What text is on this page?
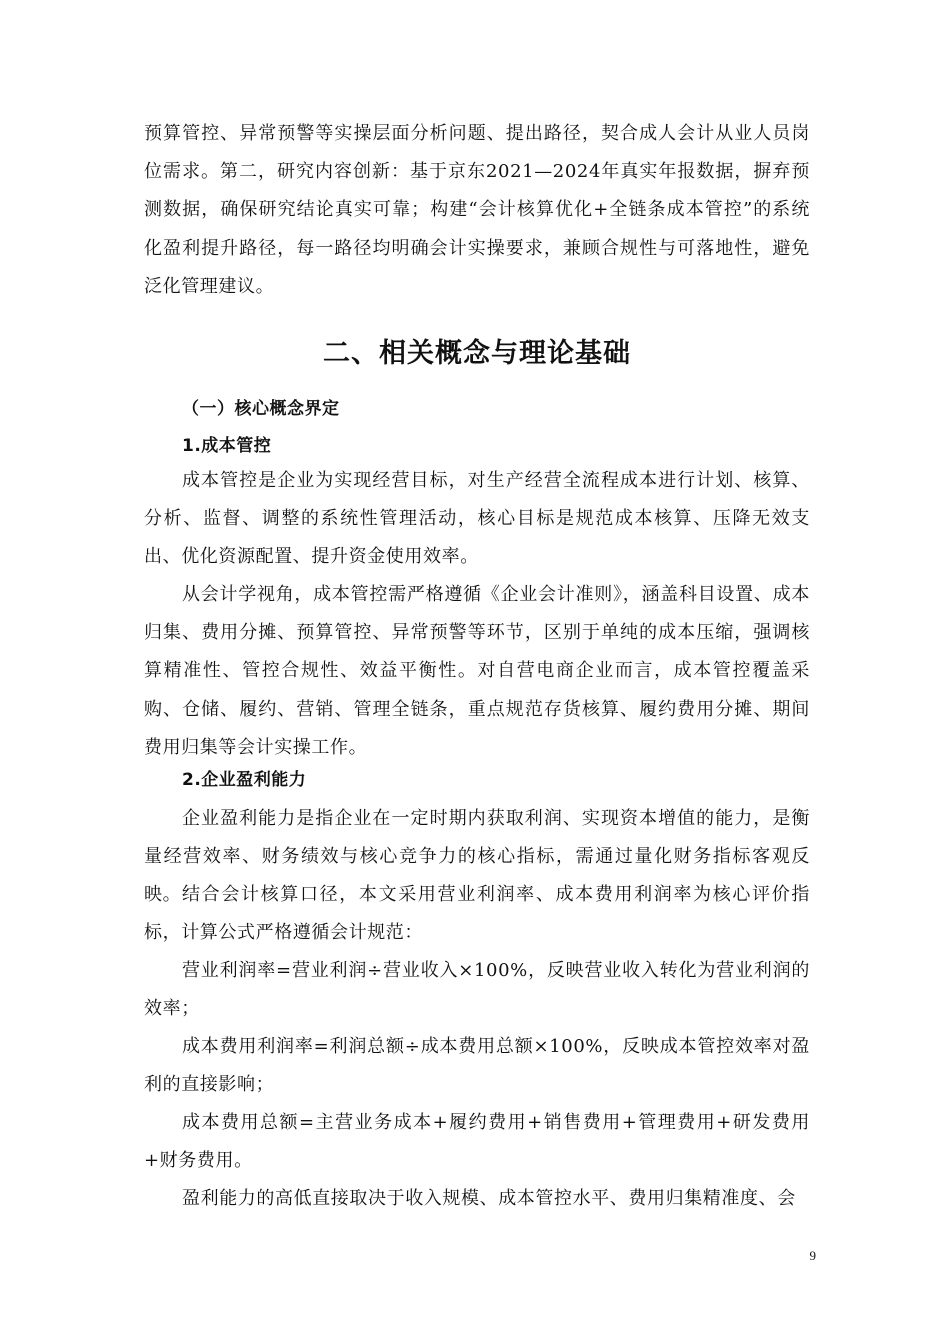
预算管控、异常预警等实操层面分析问题、提出路径，契合成人会计从业人员岗位需求。第二，研究内容创新：基于京东2021—2024年真实年报数据，摒弃预测数据，确保研究结论真实可靠；构建“会计核算优化+全链条成本管控”的系统化盈利提升路径，每一路径均明确会计实操要求，兼顾合规性与可落地性，避免泛化管理建议。

二、相关概念与理论基础
（一）核心概念界定
1.成本管控

成本管控是企业为实现经营目标，对生产经营全流程成本进行计划、核算、分析、监督、调整的系统性管理活动，核心目标是规范成本核算、压降无效支出、优化资源配置、提升资金使用效率。

从会计学视角，成本管控需严格遵循《企业会计准则》，涵盖科目设置、成本归集、费用分摊、预算管控、异常预警等环节，区别于单纯的成本压缩，强调核算精准性、管控合规性、效益平衡性。对自营电商企业而言，成本管控覆盖采购、仓储、履约、营销、管理全链条，重点规范存货核算、履约费用分摊、期间费用归集等会计实操工作。

2.企业盈利能力

企业盈利能力是指企业在一定时期内获取利润、实现资本增值的能力，是衡量经营效率、财务绩效与核心竞争力的核心指标，需通过量化财务指标客观反映。 结合会计核算口径，本文采用营业利润率、成本费用利润率为核心评价指标，计算公式严格遵循会计规范：

营业利润率=营业利润÷营业收入×100%，反映营业收入转化为营业利润的效率；

成本费用利润率=利润总额÷成本费用总额×100%，反映成本管控效率对盈利的直接影响；

成本费用总额=主营业务成本+履约费用+销售费用+管理费用+研发费用+财务费用。

盈利能力的高低直接取决于收入规模、成本管控水平、费用归集精准度、会

9
